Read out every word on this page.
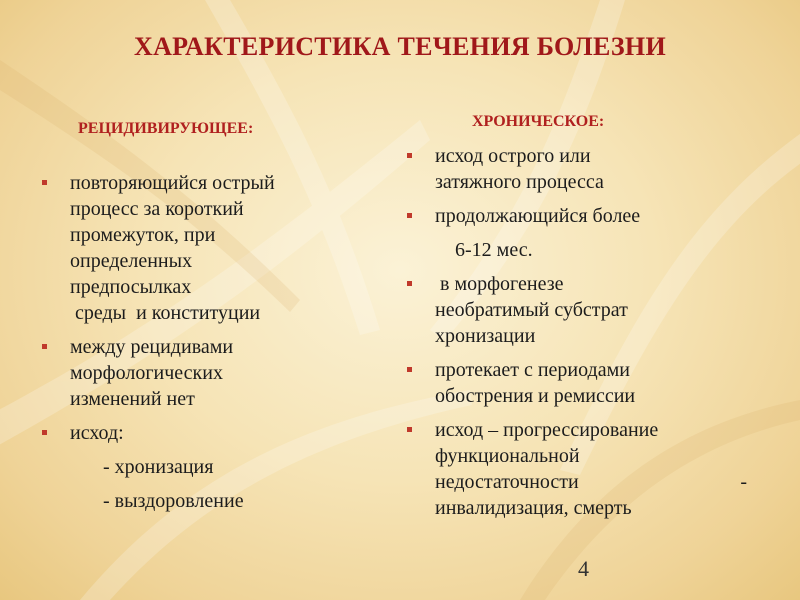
ХАРАКТЕРИСТИКА ТЕЧЕНИЯ БОЛЕЗНИ
РЕЦИДИВИРУЮЩЕЕ:	ХРОНИЧЕСКОЕ:
повторяющийся острый
процесс за короткий
промежуток, при
определенных
предпосылках
среды  и конституции
между рецидивами
морфологических
изменений нет
исход:
- хронизация
- выздоровление
исход острого или
затяжного процесса
продолжающийся более
6-12 мес.
в морфогенезе
необратимый субстрат
хронизации
протекает с периодами
обострения и ремиссии
исход – прогрессирование
функциональной
недостаточности	-
инвалидизация, смерть
4
